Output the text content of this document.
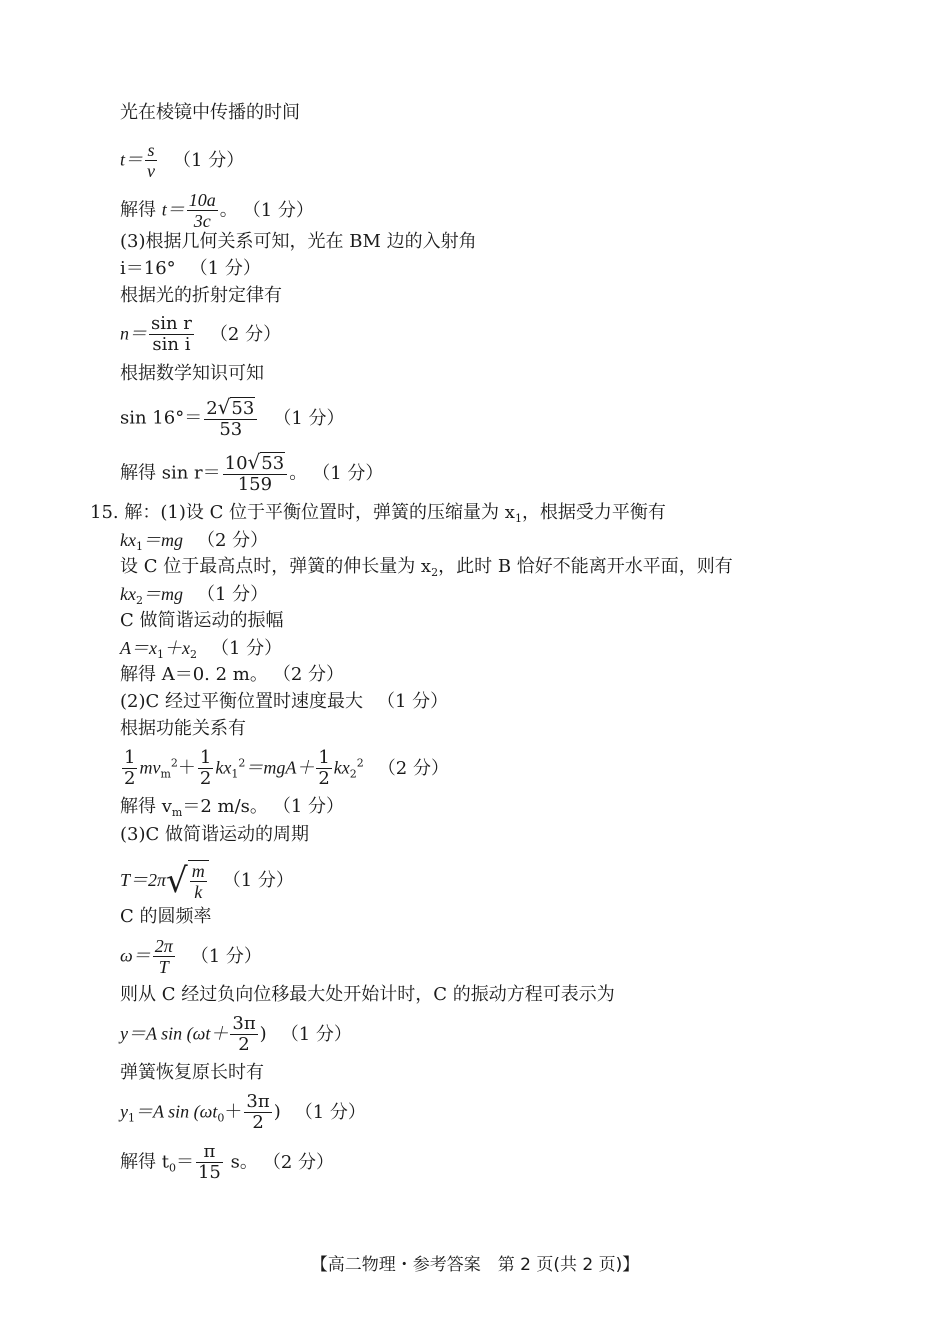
光在棱镜中传播的时间
$t= \frac{s}{v} (1$ 分）
解得 $t= \frac{10a}{3c}$ 。 （1 分）
(3)根据几何关系可知，光在 BM 边的入射角
i＝16° （1 分）
根据光的折射定律有
$n= \frac{\text{sin r}}{\text{sin i}} (2$ 分）
根据数学知识可知
$\sin 16^\circ= \frac{2√53}{53} (1$ 分）
解得 $\sin r= \frac{10√53}{159}$ 。 （1 分）
15. 解：(1)设 C 位于平衡位置时，弹簧的压缩量为 $x_1$，根据受力平衡有
$kx_1=mg$ （2 分）
设 C 位于最高点时，弹簧的伸长量为 $x_2$，此时 B 恰好不能离开水平面，则有
$kx_2=mg$ （1 分）
C 做简谐运动的振幅
$A=x_1+x_2$ （1 分）
解得 A＝0. 2 m。 （2 分）
(2)C 经过平衡位置时速度最大 （1 分）
根据功能关系有
$\frac{1}{2} mv_m^2+ \frac{1}{2} kx_1^2=mgA+ \frac{1}{2} kx_2^2$ （2 分）
解得 $v_m=2$ m/s。 （1 分）
(3)C 做简谐运动的周期
$T=2\pi√ \frac{m}{k} (1$ 分）
C 的圆频率
$\omega= \frac{2\pi}{T} (1$ 分）
则从 C 经过负向位移最大处开始计时，C 的振动方程可表示为
y＝A $\sin (\omega t+ \frac{3\pi}{2}$ ) （1 分）
弹簧恢复原长时有
$y_1=A$ $\sin (\omega t_0+ \frac{3\pi}{2}$ ) （1 分）
解得 $t_0= \frac{\pi}{15}$ s。 （2 分）
【高二物理・参考答案　第 2 页(共 2 页)】
